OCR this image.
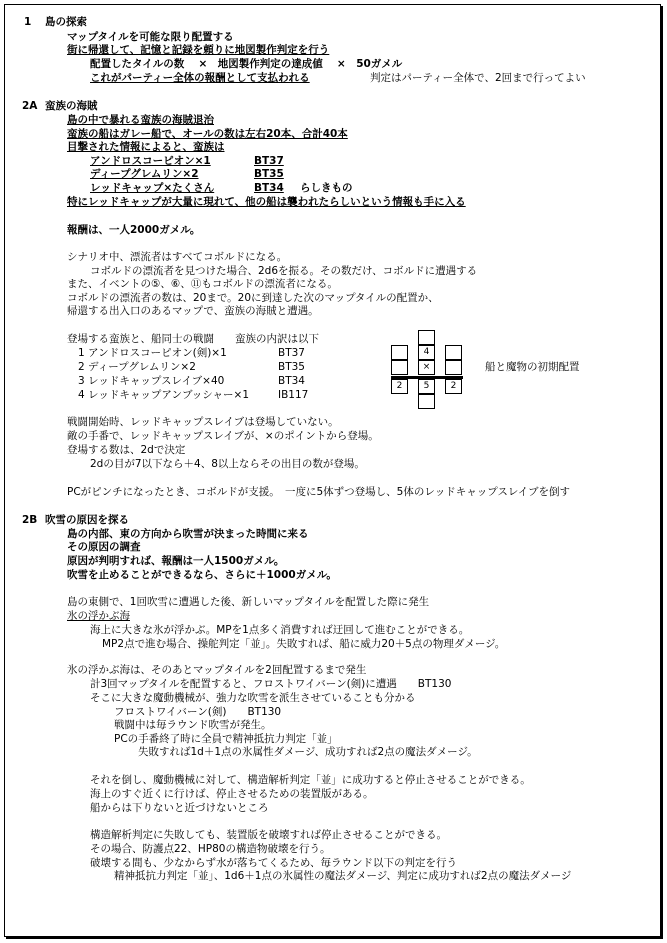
1 島の探索
マップタイルを可能な限り配置する
街に帰還して、記憶と記録を頼りに地図製作判定を行う
配置したタイルの数　 ×　地図製作判定の達成値　 ×　50ガメル
これがパーティー全体の報酬として支払われる	判定はパーティー全体で、2回まで行ってよい
2A 蛮族の海賊
島の中で暴れる蛮族の海賊退治
蛮族の船はガレー船で、オールの数は左右20本、合計40本
目撃された情報によると、蛮族は
アンドロスコーピオン×1	BT37
ディープグレムリン×2	BT35
レッドキャップ×たくさん	BT34 らしきもの
特にレッドキャップが大量に現れて、他の船は襲われたらしいという情報も手に入る
報酬は、一人2000ガメル。
シナリオ中、漂流者はすべてコボルドになる。
コボルドの漂流者を見つけた場合、2d6を振る。その数だけ、コボルドに遭遇する
また、イベントの⑤、⑥、⑪もコボルドの漂流者になる。
コボルドの漂流者の数は、20まで。20に到達した次のマップタイルの配置か、
帰還する出入口のあるマップで、蛮族の海賊と遭遇。
登場する蛮族と、船同士の戦闘　　蛮族の内訳は以下
1 アンドロスコーピオン(剣)×1	BT37
2 ディープグレムリン×2	BT35
3 レッドキャップスレイブ×40	BT34
4 レッドキャップアンブッシャー×1	IB117
4
×
2	5	2
船と魔物の初期配置
戦闘開始時、レッドキャップスレイブは登場していない。
敵の手番で、レッドキャップスレイブが、×のポイントから登場。
登場する数は、2dで決定
2dの目が7以下なら＋4、8以上ならその出目の数が登場。
PCがピンチになったとき、コボルドが支援。　一度に5体ずつ登場し、5体のレッドキャップスレイブを倒す
2B 吹雪の原因を探る
島の内部、東の方向から吹雪が決まった時間に来る
その原因の調査
原因が判明すれば、報酬は一人1500ガメル。
吹雪を止めることができるなら、さらに＋1000ガメル。
島の東側で、1回吹雪に遭遇した後、新しいマップタイルを配置した際に発生
氷の浮かぶ海
海上に大きな氷が浮かぶ。MPを1点多く消費すれば迂回して進むことができる。
MP2点で進む場合、操舵判定「並」。失敗すれば、船に威力20＋5点の物理ダメージ。
氷の浮かぶ海は、そのあとマップタイルを2回配置するまで発生
計3回マップタイルを配置すると、フロストワイバーン(剣)に遭遇　　BT130
そこに大きな魔動機械が、強力な吹雪を派生させていることも分かる
フロストワイバーン(剣)　　BT130
戦闘中は毎ラウンド吹雪が発生。
PCの手番終了時に全員で精神抵抗力判定「並」
失敗すれば1d＋1点の氷属性ダメージ、成功すれば2点の魔法ダメージ。
それを倒し、魔動機械に対して、構造解析判定「並」に成功すると停止させることができる。
海上のすぐ近くに行けば、停止させるための装置版がある。
船からは下りないと近づけないところ
構造解析判定に失敗しても、装置版を破壊すれば停止させることができる。
その場合、防護点22、HP80の構造物破壊を行う。
破壊する間も、少なからず水が落ちてくるため、毎ラウンド以下の判定を行う
精神抵抗力判定「並」、1d6＋1点の氷属性の魔法ダメージ、判定に成功すれば2点の魔法ダメージ
